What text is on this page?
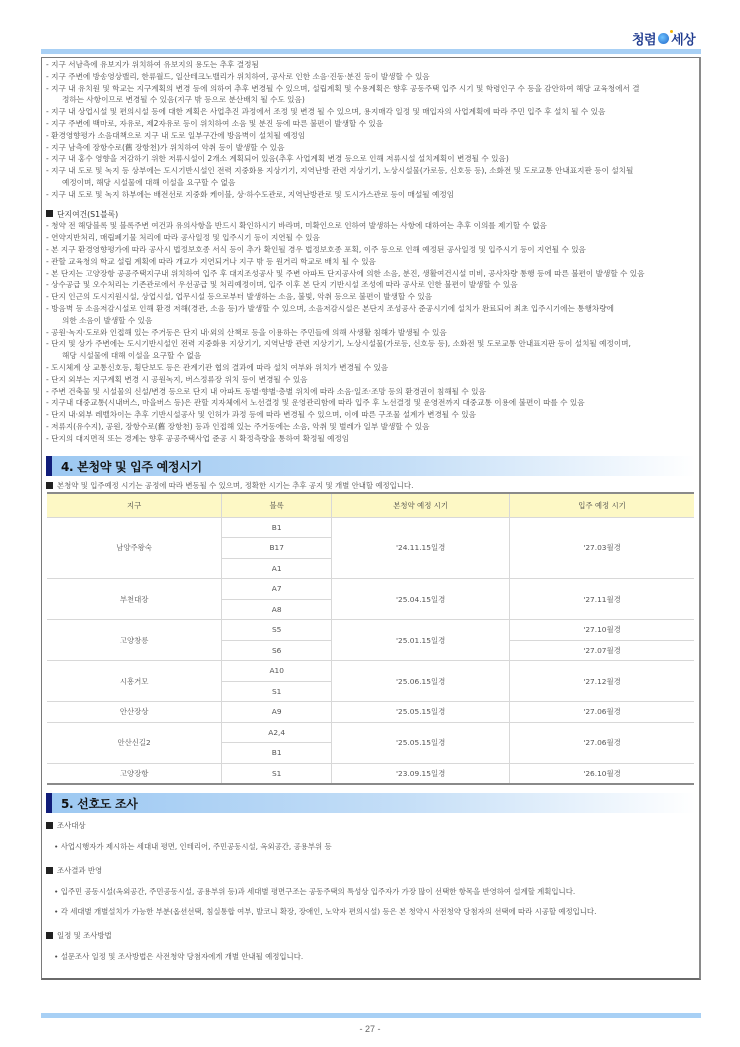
청렴 세상
- 지구 서남측에 유보지가 위치하여 유보지의 용도는 추후 결정됨
- 지구 주변에 방송영상밸리, 한류월드, 일산테크노밸리가 위치하여, 공사로 인한 소음·진동·분진 등이 발생할 수 있음
- 지구 내 유치원 및 학교는 지구계획의 변경 등에 의하여 추후 변경될 수 있으며, 설립계획 및 수용계획은 향후 공동주택 입주 시기 및 학령인구 수 등을 감안하여 해당 교육청에서 결
정하는 사항이므로 변경될 수 있음(지구 밖 등으로 분산배치 될 수도 있음)
- 지구 내 상업시설 및 편의시설 등에 대한 계획은 사업추진 과정에서 조정 및 변경 될 수 있으며, 용지매각 일정 및 매입자의 사업계획에 따라 주민 입주 후 설치 될 수 있음
- 지구 주변에 백마로, 자유로, 제2자유로 등이 위치하여 소음 및 분진 등에 따른 불편이 발생할 수 있음
- 환경영향평가 소음대책으로 지구 내 도로 일부구간에 방음벽이 설치될 예정임
- 지구 남측에 장항수로(舊 장항천)가 위치하여 악취 등이 발생할 수 있음
- 지구 내 홍수 영향을 저감하기 위한 저류시설이 2개소 계획되어 있음(추후 사업계획 변경 등으로 인해 저류시설 설치계획이 변경될 수 있음)
- 지구 내 도로 및 녹지 등 상부에는 도시기반시설인 전력 지중화용 지상기기, 지역난방 관련 지상기기, 노상시설물(가로등, 신호등 등), 소화전 및 도로교통 안내표지판 등이 설치될
예정이며, 해당 시설물에 대해 이설을 요구할 수 없음
- 지구 내 도로 및 녹지 하부에는 배전선로 지중화 케이블, 상·하수도관로, 지역난방관로 및 도시가스관로 등이 매설될 예정임
단지여건(S1블록)
- 청약 전 해당블록 및 블록주변 여건과 유의사항을 반드시 확인하시기 바라며, 미확인으로 인하여 발생하는 사항에 대하여는 추후 이의를 제기할 수 없음
- 연약지반처리, 매립폐기물 처리에 따라 공사일정 및 입주시기 등이 지연될 수 있음
- 본 지구 환경영향평가에 따라 공사시 법정보호종 서식 등이 추가 확인될 경우 법정보호종 포획, 이주 등으로 인해 예정된 공사일정 및 입주시기 등이 지연될 수 있음
- 관할 교육청의 학교 설립 계획에 따라 개교가 지연되거나 지구 밖 등 원거리 학교로 배치 될 수 있음
- 본 단지는 고양장항 공공주택지구내 위치하여 입주 후 대지조성공사 및 주변 아파트 단지공사에 의한 소음, 분진, 생활여건시설 미비, 공사차량 통행 등에 따른 불편이 발생할 수 있음
- 상수공급 및 오수처리는 기존관로에서 우선공급 및 처리예정이며, 입주 이후 본 단지 기반시설 조성에 따라 공사로 인한 불편이 발생할 수 있음
- 단지 인근의 도시지원시설, 상업시설, 업무시설 등으로부터 발생하는 소음, 불빛, 악취 등으로 불편이 발생할 수 있음
- 방음벽 등 소음저감시설로 인해 환경 저해(경관, 소음 등)가 발생할 수 있으며, 소음저감시설은 본단지 조성공사 준공시기에 설치가 완료되어 최초 입주시기에는 통행차량에
의한 소음이 발생할 수 있음
- 공원·녹지·도로와 인접해 있는 주거동은 단지 내·외의 산책로 등을 이용하는 주민들에 의해 사생활 침해가 발생될 수 있음
- 단지 및 상가 주변에는 도시기반시설인 전력 지중화용 지상기기, 지역난방 관련 지상기기, 노상시설물(가로등, 신호등 등), 소화전 및 도로교통 안내표지판 등이 설치될 예정이며,
해당 시설물에 대해 이설을 요구할 수 없음
- 도시체계 상 교통신호등, 횡단보도 등은 관계기관 협의 결과에 따라 설치 여부와 위치가 변경될 수 있음
- 단지 외부는 지구계획 변경 시 공원녹지, 버스정류장 위치 등이 변경될 수 있음
- 주변 건축물 및 시설물의 신설/변경 등으로 단지 내 아파트 동별·향별·층별 위치에 따라 소음·일조·조망 등의 환경권이 침해될 수 있음
- 지구내 대중교통(시내버스, 마을버스 등)은 관할 지자체에서 노선결정 및 운영관리함에 따라 입주 후 노선결정 및 운영전까지 대중교통 이용에 불편이 따를 수 있음
- 단지 내·외부 레벨차이는 추후 기반시설공사 및 인허가 과정 등에 따라 변경될 수 있으며, 이에 따른 구조물 설계가 변경될 수 있음
- 저류지(유수지), 공원, 장항수로(舊 장항천) 등과 인접해 있는 주거동에는 소음, 악취 및 벌레가 일부 발생할 수 있음
- 단지의 대지면적 또는 경계는 향후 공공주택사업 준공 시 확정측량을 통하여 확정될 예정임
4. 본청약 및 입주 예정시기
본청약 및 입주예정 시기는 공정에 따라 변동될 수 있으며, 정확한 시기는 추후 공지 및 개별 안내할 예정입니다.
지구	블록	본청약 예정 시기	입주 예정 시기
남양주왕숙	B1	'24.11.15일경	'27.03월경
	B17		
	A1		
부천대장	A7	'25.04.15일경	'27.11월경
	A8		
고양창릉	S5	'25.01.15일경	'27.10월경
	S6		'27.07월경
시흥거모	A10	'25.06.15일경	'27.12월경
	S1		
안산장상	A9	'25.05.15일경	'27.06월경
안산신길2	A2,4	'25.05.15일경	'27.06월경
	B1		
고양장항	S1	'23.09.15일경	'26.10월경
5. 선호도 조사
조사대상
• 사업시행자가 제시하는 세대내 평면, 인테리어, 주민공동시설, 옥외공간, 공용부위 등
조사결과 반영
• 입주민 공동시설(옥외공간, 주민공동시설, 공용부위 등)과 세대별 평면구조는 공동주택의 특성상 입주자가 가장 많이 선택한 항목을 반영하여 설계할 계획입니다.
• 각 세대별 개별설치가 가능한 부분(옵션선택, 침실통합 여부, 발코니 확장, 장애인, 노약자 편의시설) 등은 본 청약시 사전청약 당첨자의 선택에 따라 시공할 예정입니다.
일정 및 조사방법
• 설문조사 일정 및 조사방법은 사전청약 당첨자에게 개별 안내될 예정입니다.
- 27 -
